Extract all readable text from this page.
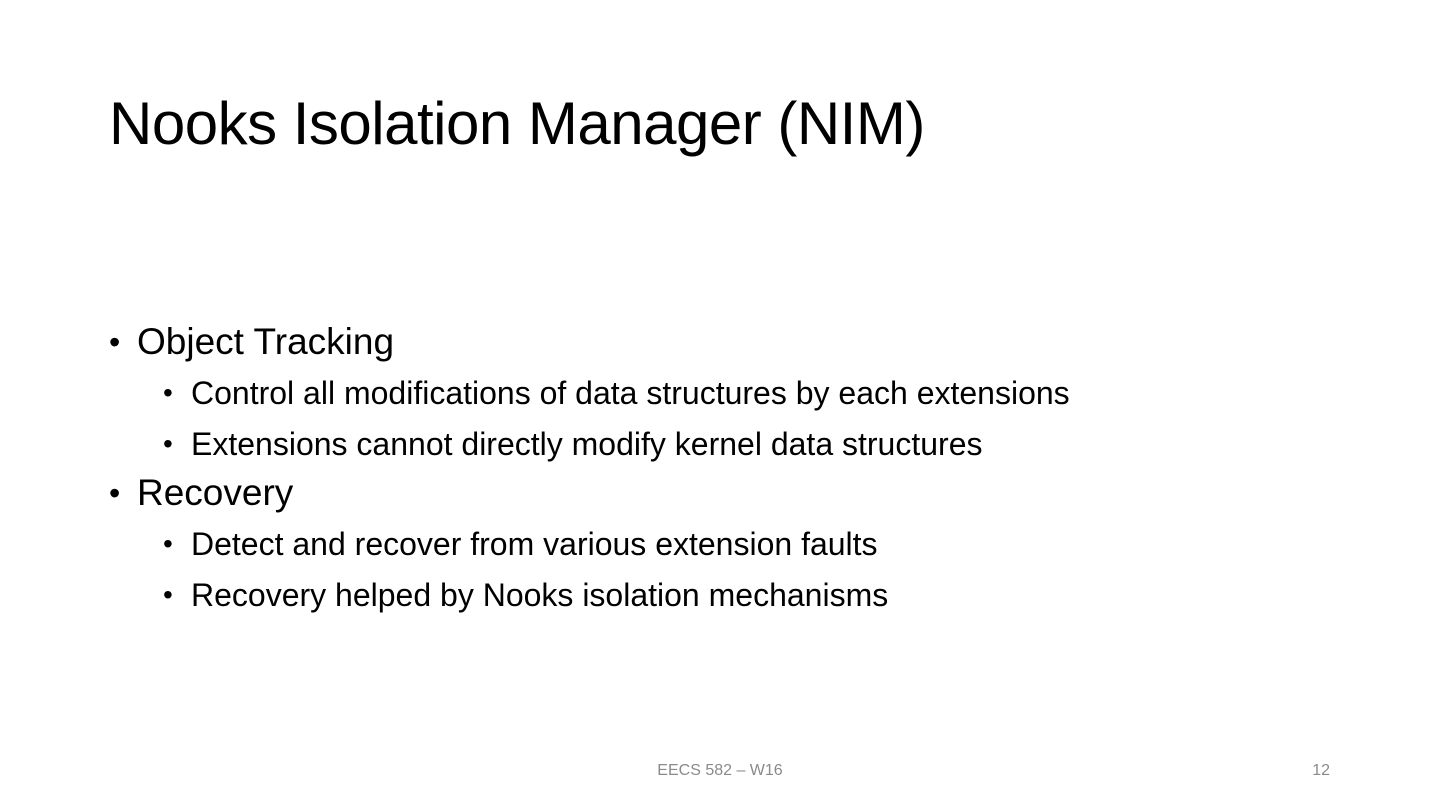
Nooks Isolation Manager (NIM)
• Object Tracking
• Control all modifications of data structures by each extensions
• Extensions cannot directly modify kernel data structures
• Recovery
• Detect and recover from various extension faults
• Recovery helped by Nooks isolation mechanisms
EECS 582 – W16	12
